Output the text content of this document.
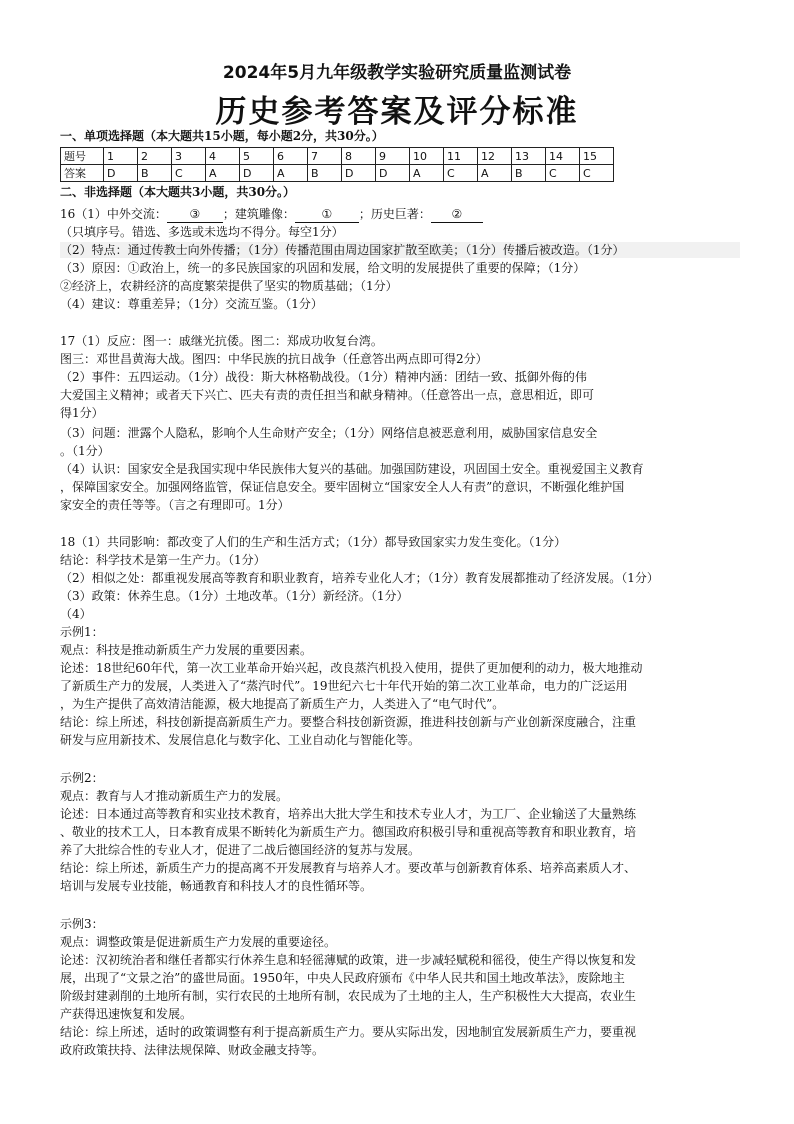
2024年5月九年级教学实验研究质量监测试卷
历史参考答案及评分标准
一、单项选择题（本大题共15小题，每小题2分，共30分。）
题号	1	2	3	4	5	6	7	8	9	10	11	12	13	14	15
答案	D	B	C	A	D	A	B	D	D	A	C	A	B	C	C
二、非选择题（本大题共3小题，共30分。）
16（1）中外交流： ③ ；建筑雕像： ① ；历史巨著： ②
（只填序号。错选、多选或未选均不得分。每空1分）
（2）特点：通过传教士向外传播；（1分）传播范围由周边国家扩散至欧美；（1分）传播后被改造。（1分）
（3）原因：①政治上，统一的多民族国家的巩固和发展，给文明的发展提供了重要的保障；（1分）
②经济上，农耕经济的高度繁荣提供了坚实的物质基础；（1分）
（4）建议：尊重差异；（1分）交流互鉴。（1分）
17（1）反应：图一：戚继光抗倭。图二：郑成功收复台湾。
图三：邓世昌黄海大战。图四：中华民族的抗日战争（任意答出两点即可得2分）
（2）事件：五四运动。（1分）战役：斯大林格勒战役。（1分）精神内涵：团结一致、抵御外侮的伟
大爱国主义精神；或者天下兴亡、匹夫有责的责任担当和献身精神。（任意答出一点，意思相近，即可
得1分）
（3）问题：泄露个人隐私，影响个人生命财产安全；（1分）网络信息被恶意利用，威胁国家信息安全
。（1分）
（4）认识：国家安全是我国实现中华民族伟大复兴的基础。加强国防建设，巩固国土安全。重视爱国主义教育
，保障国家安全。加强网络监管，保证信息安全。要牢固树立“国家安全人人有责”的意识，不断强化维护国
家安全的责任等等。（言之有理即可。1分）
18（1）共同影响：都改变了人们的生产和生活方式；（1分）都导致国家实力发生变化。（1分）
结论：科学技术是第一生产力。（1分）
（2）相似之处：都重视发展高等教育和职业教育，培养专业化人才；（1分）教育发展都推动了经济发展。（1分）
（3）政策：休养生息。（1分）土地改革。（1分）新经济。（1分）
（4）
示例1：
观点：科技是推动新质生产力发展的重要因素。
论述：18世纪60年代，第一次工业革命开始兴起，改良蒸汽机投入使用，提供了更加便利的动力，极大地推动
了新质生产力的发展，人类进入了“蒸汽时代”。19世纪六七十年代开始的第二次工业革命，电力的广泛运用
，为生产提供了高效清洁能源，极大地提高了新质生产力，人类进入了“电气时代”。
结论：综上所述，科技创新提高新质生产力。要整合科技创新资源，推进科技创新与产业创新深度融合，注重
研发与应用新技术、发展信息化与数字化、工业自动化与智能化等。
示例2：
观点：教育与人才推动新质生产力的发展。
论述：日本通过高等教育和实业技术教育，培养出大批大学生和技术专业人才，为工厂、企业输送了大量熟练
、敬业的技术工人，日本教育成果不断转化为新质生产力。德国政府积极引导和重视高等教育和职业教育，培
养了大批综合性的专业人才，促进了二战后德国经济的复苏与发展。
结论：综上所述，新质生产力的提高离不开发展教育与培养人才。要改革与创新教育体系、培养高素质人才、
培训与发展专业技能，畅通教育和科技人才的良性循环等。
示例3：
观点：调整政策是促进新质生产力发展的重要途径。
论述：汉初统治者和继任者都实行休养生息和轻徭薄赋的政策，进一步减轻赋税和徭役，使生产得以恢复和发
展，出现了“文景之治”的盛世局面。1950年，中央人民政府颁布《中华人民共和国土地改革法》，废除地主
阶级封建剥削的土地所有制，实行农民的土地所有制，农民成为了土地的主人，生产积极性大大提高，农业生
产获得迅速恢复和发展。
结论：综上所述，适时的政策调整有利于提高新质生产力。要从实际出发，因地制宜发展新质生产力，要重视
政府政策扶持、法律法规保障、财政金融支持等。
